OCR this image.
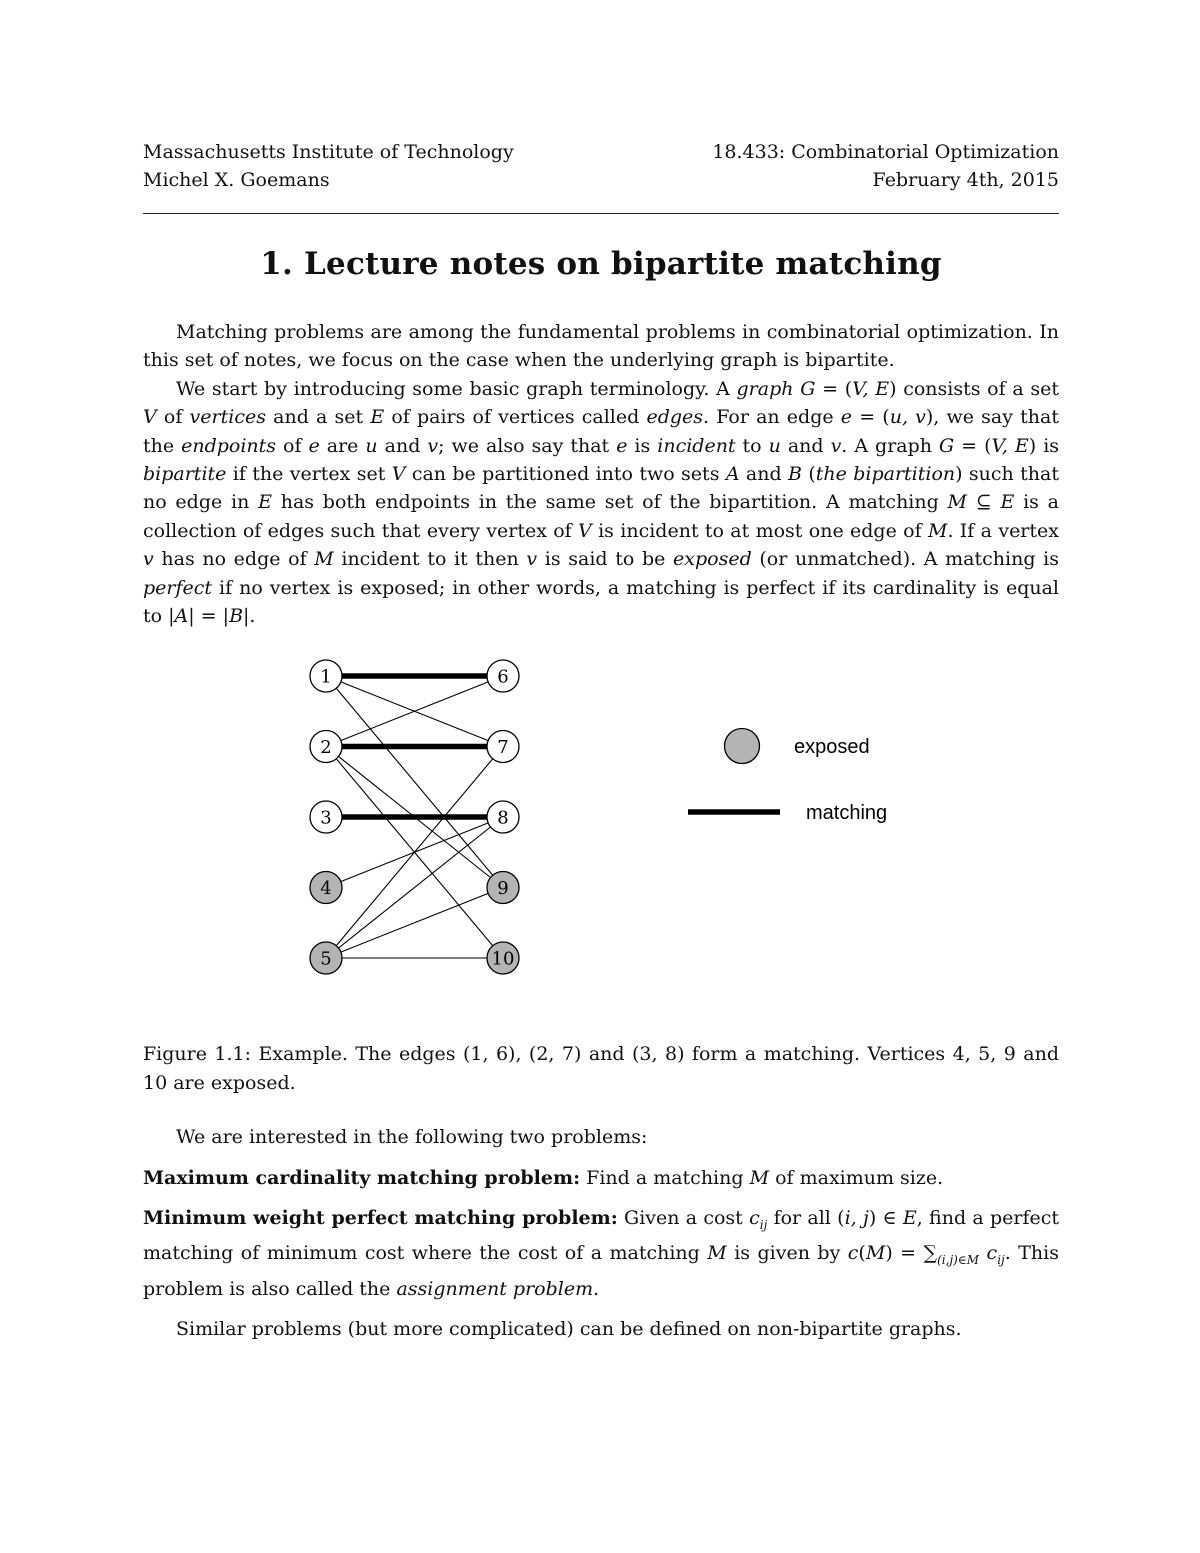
Massachusetts Institute of Technology	18.433: Combinatorial Optimization
Michel X. Goemans	February 4th, 2015
1. Lecture notes on bipartite matching

Matching problems are among the fundamental problems in combinatorial optimization. In this set of notes, we focus on the case when the underlying graph is bipartite.

We start by introducing some basic graph terminology. A graph G = (V, E) consists of a set V of vertices and a set E of pairs of vertices called edges. For an edge e = (u, v), we say that the endpoints of e are u and v; we also say that e is incident to u and v. A graph G = (V, E) is bipartite if the vertex set V can be partitioned into two sets A and B (the bipartition) such that no edge in E has both endpoints in the same set of the bipartition. A matching M ⊆ E is a collection of edges such that every vertex of V is incident to at most one edge of M. If a vertex v has no edge of M incident to it then v is said to be exposed (or unmatched). A matching is perfect if no vertex is exposed; in other words, a matching is perfect if its cardinality is equal to |A| = |B|.

1
2
3
4
5
6
7
8
9
10
exposed
matching

Figure 1.1: Example. The edges (1, 6), (2, 7) and (3, 8) form a matching. Vertices 4, 5, 9 and 10 are exposed.

We are interested in the following two problems:

Maximum cardinality matching problem: Find a matching M of maximum size.

Minimum weight perfect matching problem: Given a cost $c_{ij}$ for all (i, j) ∈ E, find a perfect matching of minimum cost where the cost of a matching M is given by $c(M) = \sum_{(i,j)\in M}$ $c_{ij}$. This problem is also called the assignment problem.

Similar problems (but more complicated) can be defined on non-bipartite graphs.
